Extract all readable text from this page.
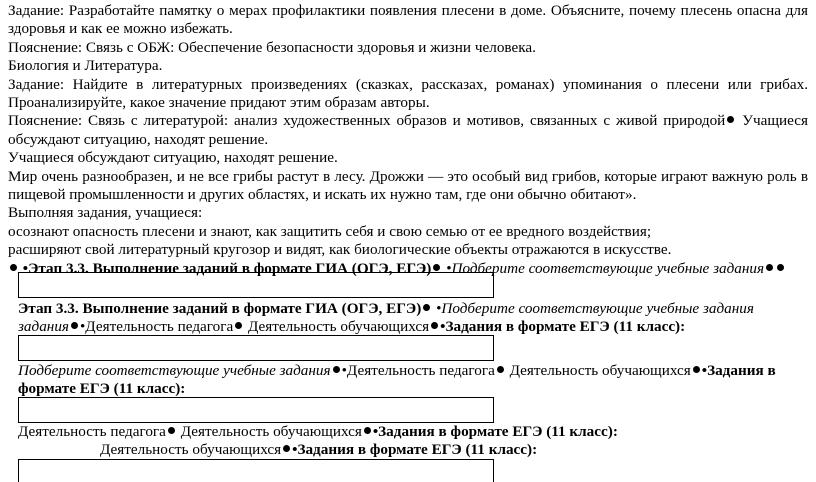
Задание: Разработайте памятку о мерах профилактики появления плесени в доме. Объясните, почему плесень опасна для здоровья и как ее можно избежать.

Пояснение: Связь с ОБЖ: Обеспечение безопасности здоровья и жизни человека.

Биология и Литература.

Задание: Найдите в литературных произведениях (сказках, рассказах, романах) упоминания о плесени или грибах. Проанализируйте, какое значение придают этим образам авторы.

Пояснение: Связь с литературой: анализ художественных образов и мотивов, связанных с живой природой Учащиеся обсуждают ситуацию, находят решение.

Учащиеся обсуждают ситуацию, находят решение.

Мир очень разнообразен, и не все грибы растут в лесу. Дрожжи — это особый вид грибов, которые играют важную роль в пищевой промышленности и других областях, и искать их нужно там, где они обычно обитают».

Выполняя задания, учащиеся:

осознают опасность плесени и знают, как защитить себя и свою семью от ее вредного воздействия;

расширяют свой литературный кругозор и видят, как биологические объекты отражаются в искусстве.

•Этап 3.3. Выполнение заданий в формате ГИА (ОГЭ, ЕГЭ) •Подберите соответствующие учебные задания

Этап 3.3. Выполнение заданий в формате ГИА (ОГЭ, ЕГЭ) •Подберите соответствующие учебные задания

задания •Деятельность педагога Деятельность обучающихся •Задания в формате ЕГЭ (11 класс):

Подберите соответствующие учебные задания •Деятельность педагога Деятельность обучающихся •Задания в формате ЕГЭ (11 класс):

Деятельность педагога Деятельность обучающихся •Задания в формате ЕГЭ (11 класс):

Деятельность обучающихся •Задания в формате ЕГЭ (11 класс):
